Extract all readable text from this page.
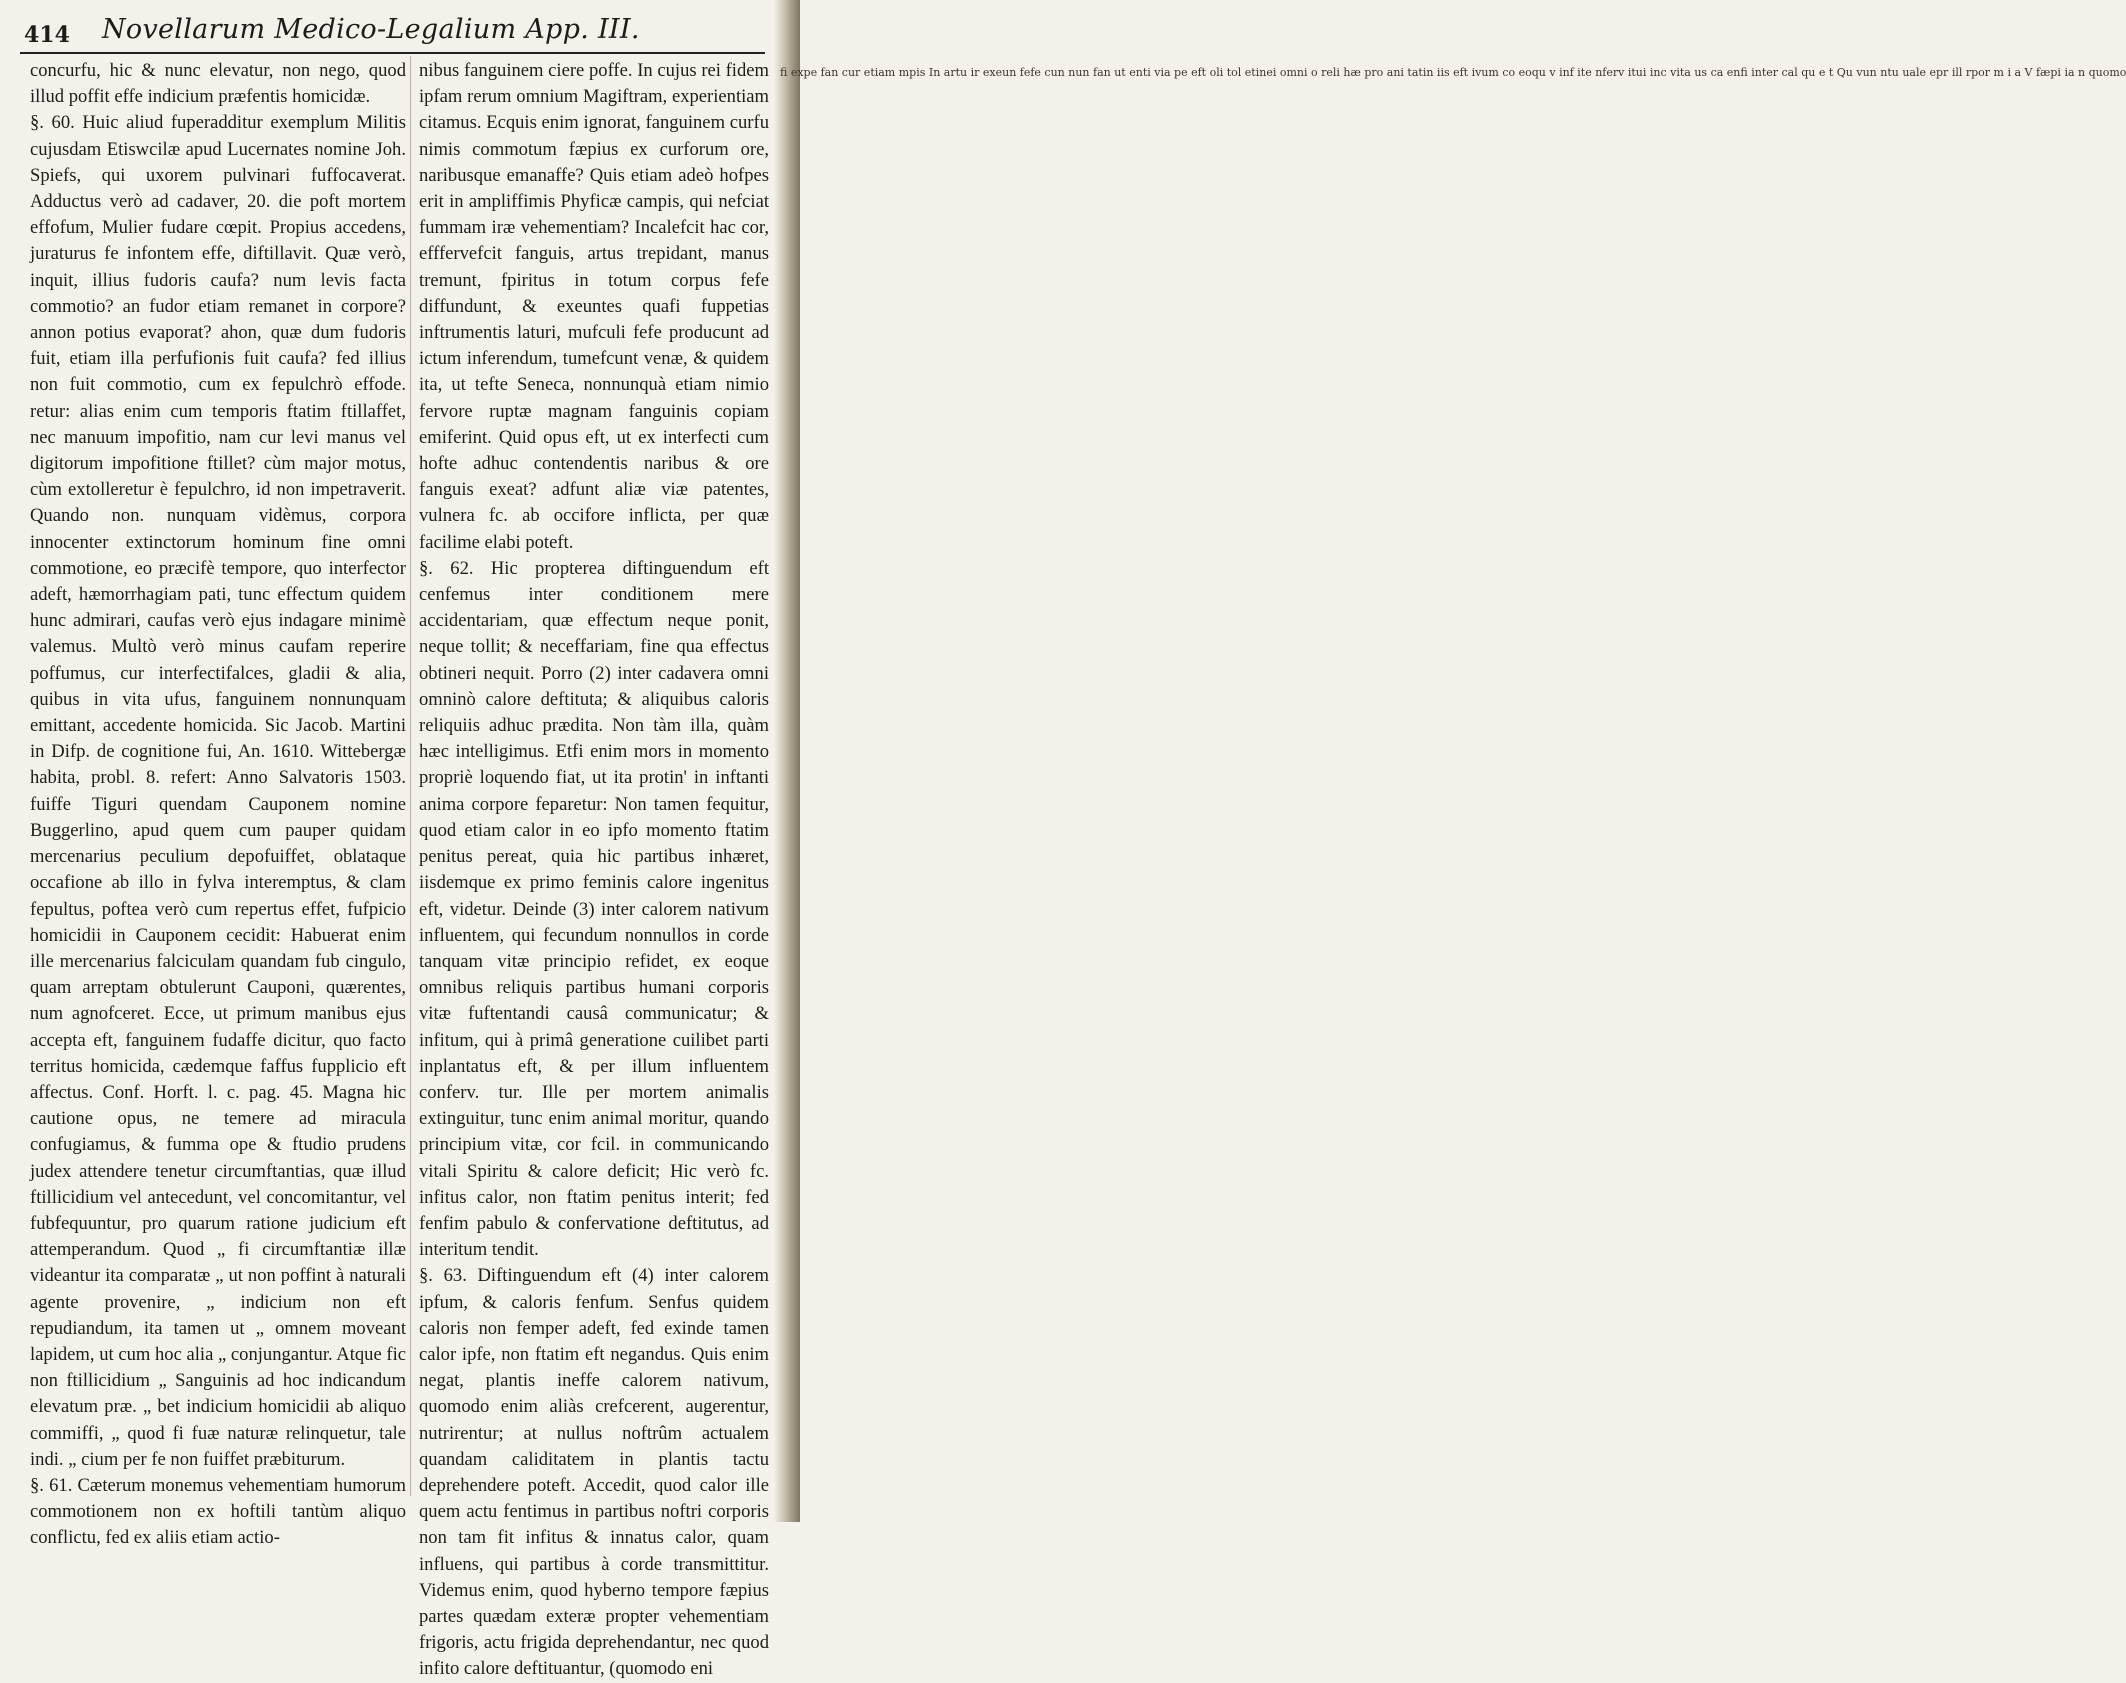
414 Novellarum Medico-Legalium App. III.

concurfu, hic & nunc elevatur, non nego, quod illud poffit effe indicium præfentis homicidæ.

§. 60. Huic aliud fuperadditur exemplum Militis cujusdam Etiswcilæ apud Lucernates nomine Joh. Spiefs, qui uxorem pulvinari fuffocaverat. Adductus verò ad cadaver, 20. die poft mortem effofum, Mulier fudare cœpit. Propius accedens, juraturus fe infontem effe, diftillavit. Quæ verò, inquit, illius fudoris caufa? num levis facta commotio? an fudor etiam remanet in corpore? annon potius evaporat? ahon, quæ dum fudoris fuit, etiam illa perfufionis fuit caufa? fed illius non fuit commotio, cum ex fepulchrò effode. retur: alias enim cum temporis ftatim ftillaffet, nec manuum impofitio, nam cur levi manus vel digitorum impofitione ftillet? cùm major motus, cùm extolleretur è fepulchro, id non impetraverit. Quando non. nunquam vidèmus, corpora innocenter extinctorum hominum fine omni commotione, eo præcifè tempore, quo interfector adeft, hæmorrhagiam pati, tunc effectum quidem hunc admirari, caufas verò ejus indagare minimè valemus. Multò verò minus caufam reperire poffumus, cur interfectifalces, gladii & alia, quibus in vita ufus, fanguinem nonnunquam emittant, accedente homicida. Sic Jacob. Martini in Difp. de cognitione fui, An. 1610. Wittebergæ habita, probl. 8. refert: Anno Salvatoris 1503. fuiffe Tiguri quendam Cauponem nomine Buggerlino, apud quem cum pauper quidam mercenarius peculium depofuiffet, oblataque occafione ab illo in fylva interemptus, & clam fepultus, poftea verò cum repertus effet, fufpicio homicidii in Cauponem cecidit: Habuerat enim ille mercenarius falciculam quandam fub cingulo, quam arreptam obtulerunt Cauponi, quærentes, num agnofceret. Ecce, ut primum manibus ejus accepta eft, fanguinem fudaffe dicitur, quo facto territus homicida, cædemque faffus fupplicio eft affectus. Conf. Horft. l. c. pag. 45. Magna hic cautione opus, ne temere ad miracula confugiamus, & fumma ope & ftudio prudens judex attendere tenetur circumftantias, quæ illud ftillicidium vel antecedunt, vel concomitantur, vel fubfequuntur, pro quarum ratione judicium eft attemperandum. Quod „ fi circumftantiæ illæ videantur ita comparatæ „ ut non poffint à naturali agente provenire, „ indicium non eft repudiandum, ita tamen ut „ omnem moveant lapidem, ut cum hoc alia „ conjungantur. Atque fic non ftillicidium „ Sanguinis ad hoc indicandum elevatum præ. „ bet indicium homicidii ab aliquo commiffi, „ quod fi fuæ naturæ relinquetur, tale indi. „ cium per fe non fuiffet præbiturum.

§. 61. Cæterum monemus vehementiam humorum commotionem non ex hoftili tantùm aliquo conflictu, fed ex aliis etiam actio-

nibus fanguinem ciere poffe. In cujus rei fidem ipfam rerum omnium Magiftram, experientiam citamus. Ecquis enim ignorat, fanguinem curfu nimis commotum fæpius ex curforum ore, naribusque emanaffe? Quis etiam adeò hofpes erit in ampliffimis Phyficæ campis, qui nefciat fummam iræ vehementiam? Incalefcit hac cor, efffervefcit fanguis, artus trepidant, manus tremunt, fpiritus in totum corpus fefe diffundunt, & exeuntes quafi fuppetias inftrumentis laturi, mufculi fefe producunt ad ictum inferendum, tumefcunt venæ, & quidem ita, ut tefte Seneca, nonnunquà etiam nimio fervore ruptæ magnam fanguinis copiam emiferint. Quid opus eft, ut ex interfecti cum hofte adhuc contendentis naribus & ore fanguis exeat? adfunt aliæ viæ patentes, vulnera fc. ab occifore inflicta, per quæ facilime elabi poteft.

§. 62. Hic propterea diftinguendum eft cenfemus inter conditionem mere accidentariam, quæ effectum neque ponit, neque tollit; & neceffariam, fine qua effectus obtineri nequit. Porro (2) inter cadavera omni omninò calore deftituta; & aliquibus caloris reliquiis adhuc prædita. Non tàm illa, quàm hæc intelligimus. Etfi enim mors in momento propriè loquendo fiat, ut ita protin' in inftanti anima corpore feparetur: Non tamen fequitur, quod etiam calor in eo ipfo momento ftatim penitus pereat, quia hic partibus inhæret, iisdemque ex primo feminis calore ingenitus eft, videtur. Deinde (3) inter calorem nativum influentem, qui fecundum nonnullos in corde tanquam vitæ principio refidet, ex eoque omnibus reliquis partibus humani corporis vitæ fuftentandi causâ communicatur; & infitum, qui à primâ generatione cuilibet parti inplantatus eft, & per illum influentem conferv. tur. Ille per mortem animalis extinguitur, tunc enim animal moritur, quando principium vitæ, cor fcil. in communicando vitali Spiritu & calore deficit; Hic verò fc. infitus calor, non ftatim penitus interit; fed fenfim pabulo & confervatione deftitutus, ad interitum tendit.

§. 63. Diftinguendum eft (4) inter calorem ipfum, & caloris fenfum. Senfus quidem caloris non femper adeft, fed exinde tamen calor ipfe, non ftatim eft negandus. Quis enim negat, plantis ineffe calorem nativum, quomodo enim aliàs crefcerent, augerentur, nutrirentur; at nullus noftrûm actualem quandam caliditatem in plantis tactu deprehendere poteft. Accedit, quod calor ille quem actu fentimus in partibus noftri corporis non tam fit infitus & innatus calor, quam influens, qui partibus à corde transmittitur. Videmus enim, quod hyberno tempore fæpius partes quædam exteræ propter vehementiam frigoris, actu frigida deprehendantur, nec quod infito calore deftituantur, (quomodo eni

fi expe fan cur etiam mpis In artu ir exeun fefe cun nun fan ut enti via pe eft oli tol etinei omni o reli hæ pro ani tatin iis eft ivum co eoqu v inf ite nferv itui inc vita us ca enfi inter cal qu e t Qu vun ntu uale epr ill rpor m i a V fæpi ia n quomo
